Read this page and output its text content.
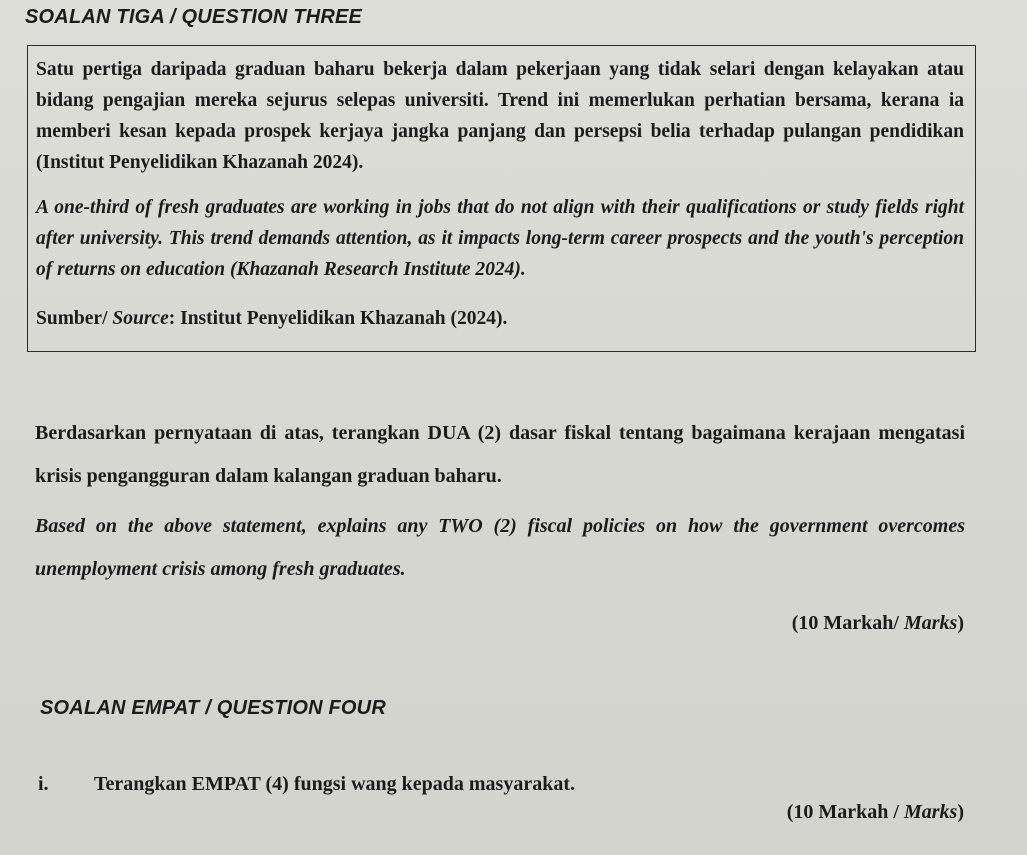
SOALAN TIGA / QUESTION THREE

Satu pertiga daripada graduan baharu bekerja dalam pekerjaan yang tidak selari dengan kelayakan atau bidang pengajian mereka sejurus selepas universiti. Trend ini memerlukan perhatian bersama, kerana ia memberi kesan kepada prospek kerjaya jangka panjang dan persepsi belia terhadap pulangan pendidikan (Institut Penyelidikan Khazanah 2024).

A one-third of fresh graduates are working in jobs that do not align with their qualifications or study fields right after university. This trend demands attention, as it impacts long-term career prospects and the youth's perception of returns on education (Khazanah Research Institute 2024).

Sumber/ Source: Institut Penyelidikan Khazanah (2024).

Berdasarkan pernyataan di atas, terangkan DUA (2) dasar fiskal tentang bagaimana kerajaan mengatasi krisis pengangguran dalam kalangan graduan baharu.

Based on the above statement, explains any TWO (2) fiscal policies on how the government overcomes unemployment crisis among fresh graduates.

(10 Markah/ Marks)

SOALAN EMPAT / QUESTION FOUR

i. Terangkan EMPAT (4) fungsi wang kepada masyarakat.

(10 Markah / Marks)
